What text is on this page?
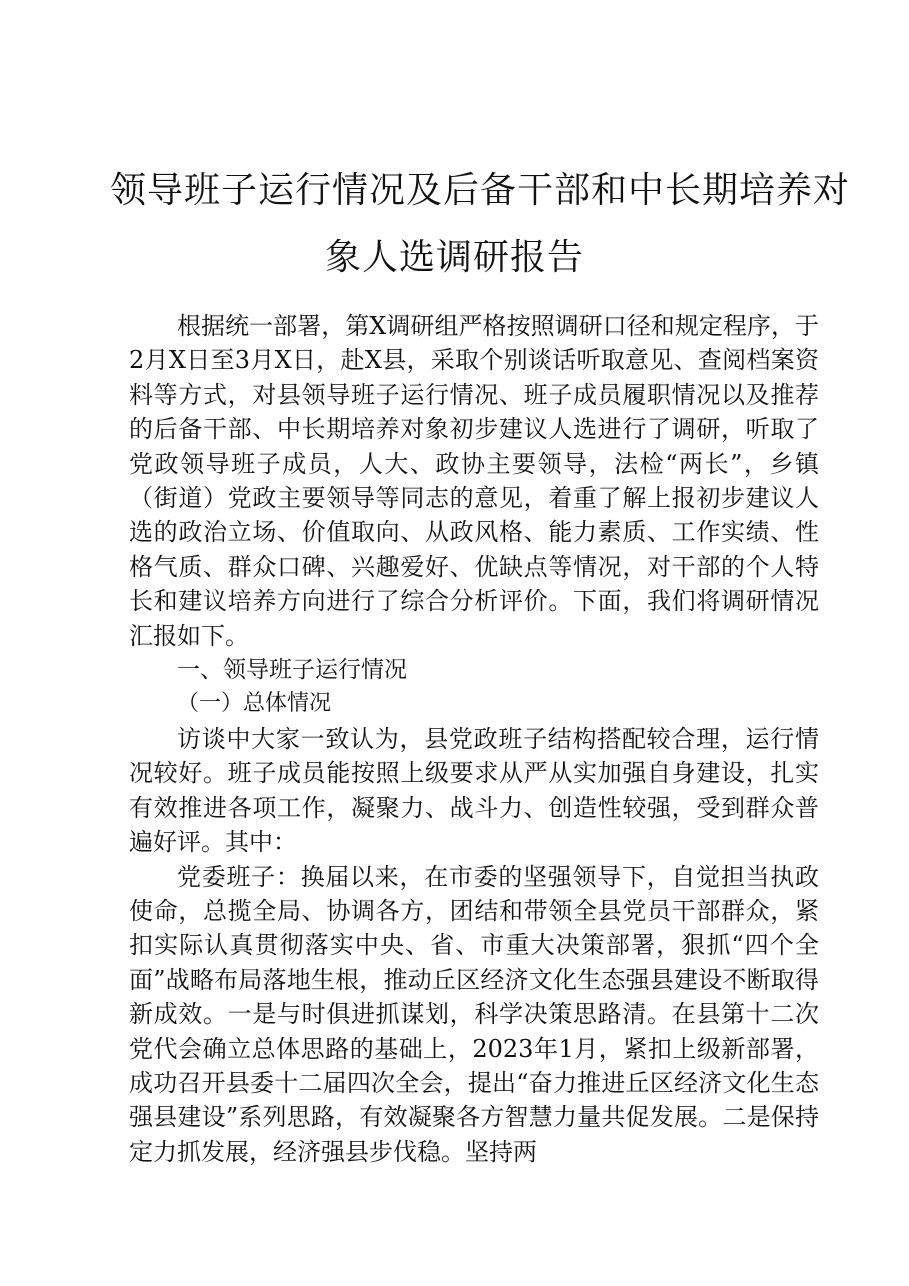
领导班子运行情况及后备干部和中长期培养对
象人选调研报告

根据统一部署，第X调研组严格按照调研口径和规定程序，于2月X日至3月X日，赴X县，采取个别谈话听取意见、查阅档案资料等方式，对县领导班子运行情况、班子成员履职情况以及推荐的后备干部、中长期培养对象初步建议人选进行了调研，听取了党政领导班子成员，人大、政协主要领导，法检“两长”，乡镇（街道）党政主要领导等同志的意见，着重了解上报初步建议人选的政治立场、价值取向、从政风格、能力素质、工作实绩、性格气质、群众口碑、兴趣爱好、优缺点等情况，对干部的个人特长和建议培养方向进行了综合分析评价。下面，我们将调研情况汇报如下。

一、领导班子运行情况

（一）总体情况

访谈中大家一致认为，县党政班子结构搭配较合理，运行情况较好。班子成员能按照上级要求从严从实加强自身建设，扎实有效推进各项工作，凝聚力、战斗力、创造性较强，受到群众普遍好评。其中：

党委班子：换届以来，在市委的坚强领导下，自觉担当执政使命，总揽全局、协调各方，团结和带领全县党员干部群众，紧扣实际认真贯彻落实中央、省、市重大决策部署，狠抓“四个全面”战略布局落地生根，推动丘区经济文化生态强县建设不断取得新成效。一是与时俱进抓谋划，科学决策思路清。在县第十二次党代会确立总体思路的基础上，2023年1月，紧扣上级新部署，成功召开县委十二届四次全会，提出“奋力推进丘区经济文化生态强县建设”系列思路，有效凝聚各方智慧力量共促发展。二是保持定力抓发展，经济强县步伐稳。坚持两
